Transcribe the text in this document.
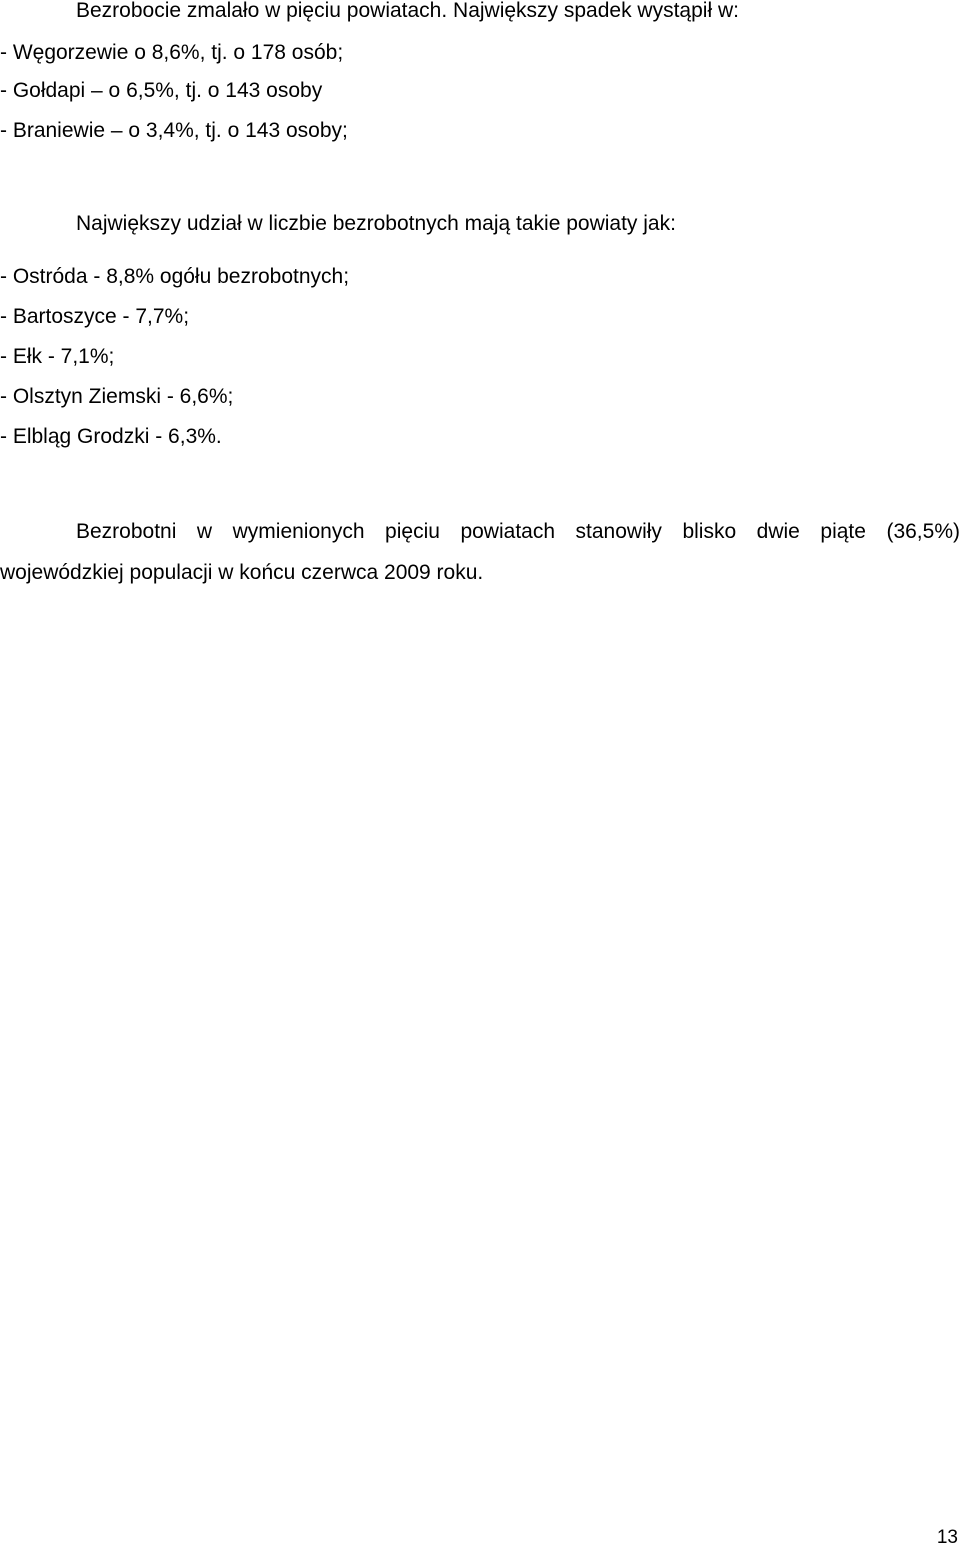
Bezrobocie zmalało w pięciu powiatach. Największy spadek wystąpił w:
- Węgorzewie o 8,6%, tj. o 178 osób;
- Gołdapi – o 6,5%, tj. o 143 osoby
- Braniewie – o 3,4%, tj. o 143 osoby;
Największy udział w liczbie bezrobotnych mają takie powiaty jak:
- Ostróda - 8,8% ogółu bezrobotnych;
- Bartoszyce - 7,7%;
- Ełk - 7,1%;
- Olsztyn Ziemski - 6,6%;
- Elbląg Grodzki - 6,3%.
Bezrobotni w wymienionych pięciu powiatach stanowiły blisko dwie piąte (36,5%)
wojewódzkiej populacji w końcu czerwca 2009 roku.
13
